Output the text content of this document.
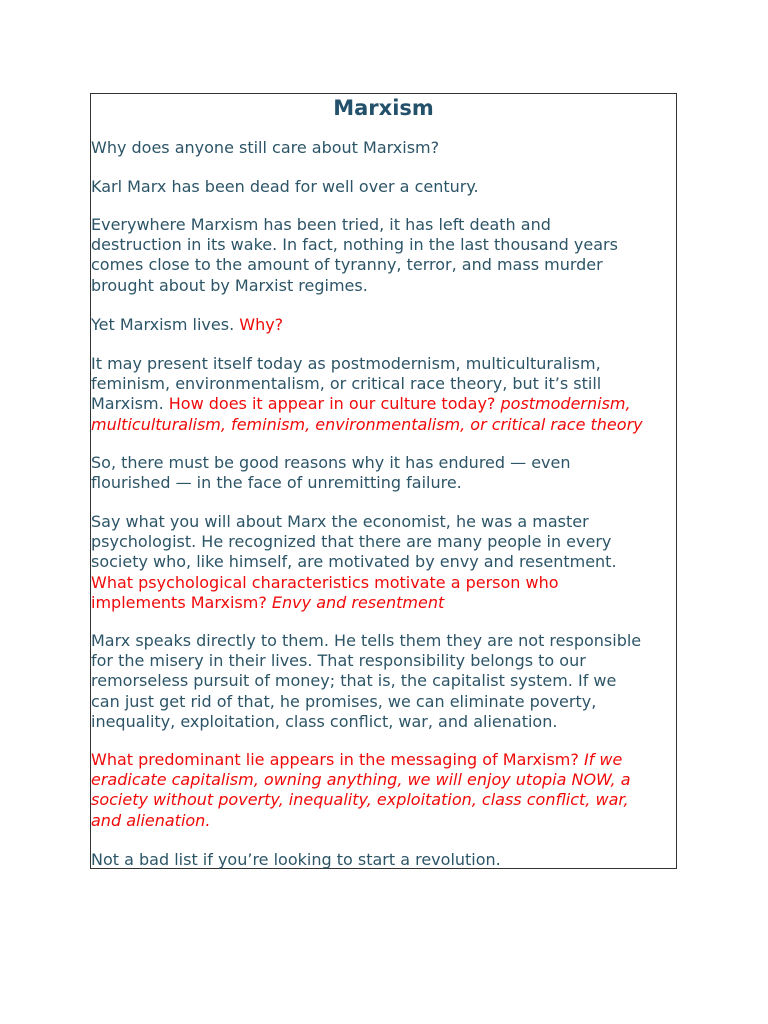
Marxism

Why does anyone still care about Marxism?

Karl Marx has been dead for well over a century.

Everywhere Marxism has been tried, it has left death and
destruction in its wake. In fact, nothing in the last thousand years
comes close to the amount of tyranny, terror, and mass murder
brought about by Marxist regimes.

Yet Marxism lives. Why?

It may present itself today as postmodernism, multiculturalism,
feminism, environmentalism, or critical race theory, but it’s still
Marxism. How does it appear in our culture today? postmodernism,
multiculturalism, feminism, environmentalism, or critical race theory

So, there must be good reasons why it has endured — even
flourished — in the face of unremitting failure.

Say what you will about Marx the economist, he was a master
psychologist. He recognized that there are many people in every
society who, like himself, are motivated by envy and resentment.
What psychological characteristics motivate a person who
implements Marxism? Envy and resentment

Marx speaks directly to them. He tells them they are not responsible
for the misery in their lives. That responsibility belongs to our
remorseless pursuit of money; that is, the capitalist system. If we
can just get rid of that, he promises, we can eliminate poverty,
inequality, exploitation, class conflict, war, and alienation.

What predominant lie appears in the messaging of Marxism? If we
eradicate capitalism, owning anything, we will enjoy utopia NOW, a
society without poverty, inequality, exploitation, class conflict, war,
and alienation.

Not a bad list if you’re looking to start a revolution.
